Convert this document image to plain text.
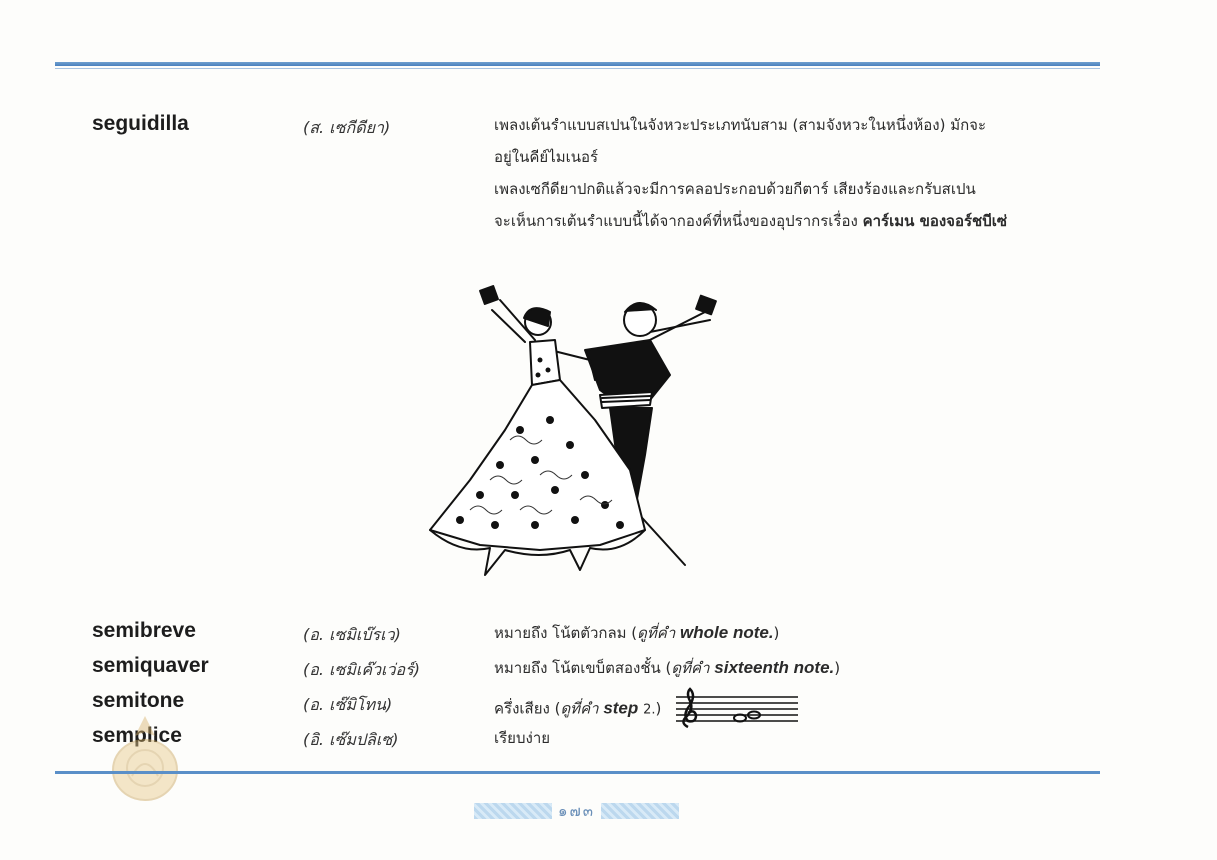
seguidilla	(ส. เซกีดียา)	เพลงเต้นรำแบบสเปนในจังหวะประเภทนับสาม (สามจังหวะในหนึ่งห้อง) มักจะ
อยู่ในคีย์ไมเนอร์
เพลงเซกีดียาปกติแล้วจะมีการคลอประกอบด้วยกีตาร์ เสียงร้องและกรับสเปน
จะเห็นการเต้นรำแบบนี้ได้จากองค์ที่หนึ่งของอุปรากรเรื่อง คาร์เมน ของจอร์ชบีเซ่
semibreve	(อ. เซมิเบ๊รเว)	หมายถึง โน้ตตัวกลม (ดูที่คำ whole note.)
semiquaver	(อ. เซมิเค๊วเว่อร์)	หมายถึง โน้ตเขบ็ตสองชั้น (ดูที่คำ sixteenth note.)
semitone	(อ. เซ๊มิโทน)	ครึ่งเสียง (ดูที่คำ step 2.)
semplice	(อิ. เซ๊มปลิเซ)	เรียบง่าย
๑๗๓
